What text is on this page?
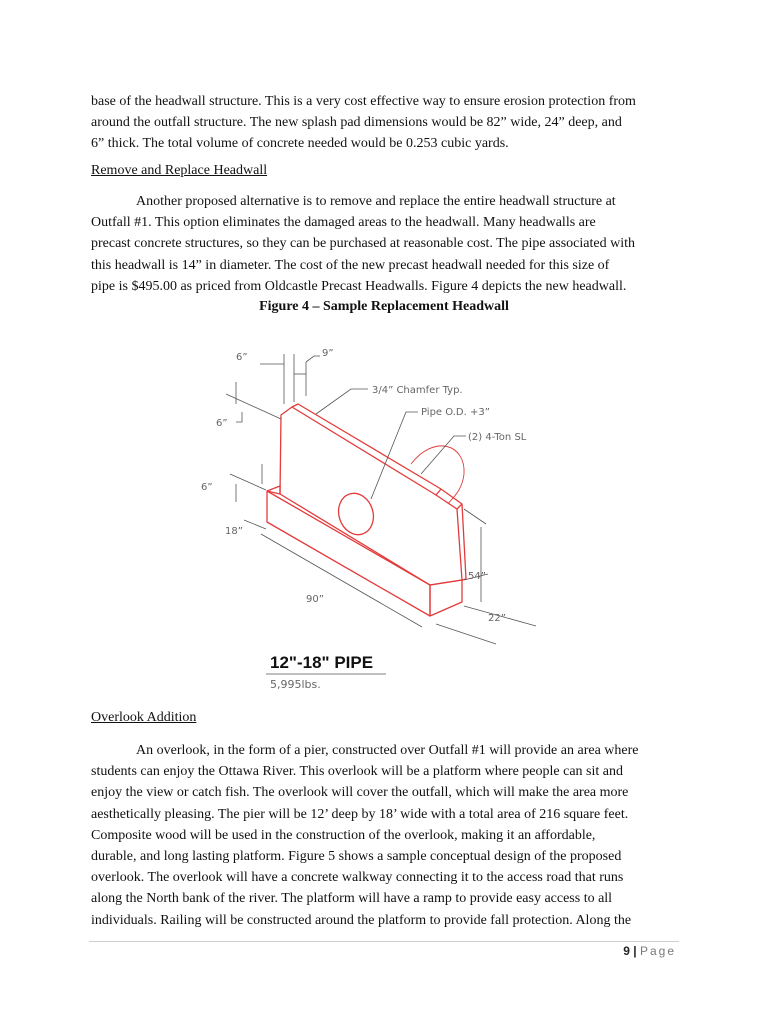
base of the headwall structure. This is a very cost effective way to ensure erosion protection from

around the outfall structure. The new splash pad dimensions would be 82” wide, 24” deep, and

6” thick. The total volume of concrete needed would be 0.253 cubic yards.

Remove and Replace Headwall

Another proposed alternative is to remove and replace the entire headwall structure at

Outfall #1. This option eliminates the damaged areas to the headwall. Many headwalls are

precast concrete structures, so they can be purchased at reasonable cost. The pipe associated with

this headwall is 14” in diameter. The cost of the new precast headwall needed for this size of

pipe is $495.00 as priced from Oldcastle Precast Headwalls. Figure 4 depicts the new headwall.

Figure 4 – Sample Replacement Headwall
6”	9”
3/4” Chamfer Typ.
Pipe O.D. +3”
(2) 4-Ton SL
6”
6”
18”
90”
54”
22”
12"-18" PIPE
5,995lbs.
Overlook Addition

An overlook, in the form of a pier, constructed over Outfall #1 will provide an area where

students can enjoy the Ottawa River. This overlook will be a platform where people can sit and

enjoy the view or catch fish. The overlook will cover the outfall, which will make the area more

aesthetically pleasing. The pier will be 12’ deep by 18’ wide with a total area of 216 square feet.

Composite wood will be used in the construction of the overlook, making it an affordable,

durable, and long lasting platform. Figure 5 shows a sample conceptual design of the proposed

overlook. The overlook will have a concrete walkway connecting it to the access road that runs

along the North bank of the river. The platform will have a ramp to provide easy access to all

individuals. Railing will be constructed around the platform to provide fall protection. Along the

9 | Page
